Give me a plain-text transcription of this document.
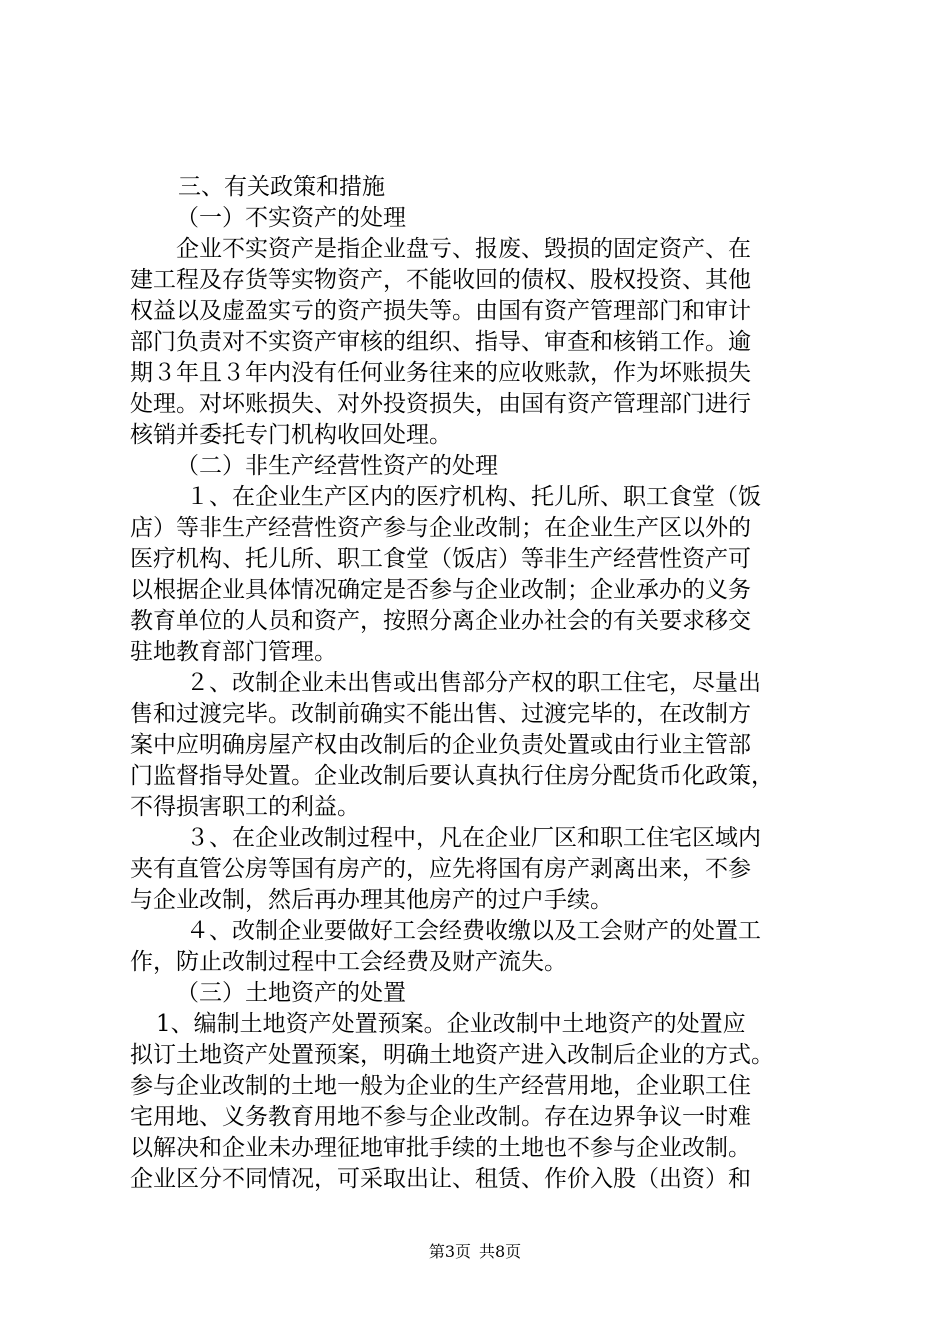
三、有关政策和措施
（一）不实资产的处理
企业不实资产是指企业盘亏、报废、毁损的固定资产、在
建工程及存货等实物资产，不能收回的债权、股权投资、其他
权益以及虚盈实亏的资产损失等。由国有资产管理部门和审计
部门负责对不实资产审核的组织、指导、审查和核销工作。逾
期３年且３年内没有任何业务往来的应收账款，作为坏账损失
处理。对坏账损失、对外投资损失，由国有资产管理部门进行
核销并委托专门机构收回处理。
（二）非生产经营性资产的处理
１、在企业生产区内的医疗机构、托儿所、职工食堂（饭
店）等非生产经营性资产参与企业改制；在企业生产区以外的
医疗机构、托儿所、职工食堂（饭店）等非生产经营性资产可
以根据企业具体情况确定是否参与企业改制；企业承办的义务
教育单位的人员和资产，按照分离企业办社会的有关要求移交
驻地教育部门管理。
２、改制企业未出售或出售部分产权的职工住宅，尽量出
售和过渡完毕。改制前确实不能出售、过渡完毕的，在改制方
案中应明确房屋产权由改制后的企业负责处置或由行业主管部
门监督指导处置。企业改制后要认真执行住房分配货币化政策，
不得损害职工的利益。
３、在企业改制过程中，凡在企业厂区和职工住宅区域内
夹有直管公房等国有房产的，应先将国有房产剥离出来，不参
与企业改制，然后再办理其他房产的过户手续。
４、改制企业要做好工会经费收缴以及工会财产的处置工
作，防止改制过程中工会经费及财产流失。
（三）土地资产的处置
1、编制土地资产处置预案。企业改制中土地资产的处置应
拟订土地资产处置预案，明确土地资产进入改制后企业的方式。
参与企业改制的土地一般为企业的生产经营用地，企业职工住
宅用地、义务教育用地不参与企业改制。存在边界争议一时难
以解决和企业未办理征地审批手续的土地也不参与企业改制。
企业区分不同情况，可采取出让、租赁、作价入股（出资）和
第3页 共8页
